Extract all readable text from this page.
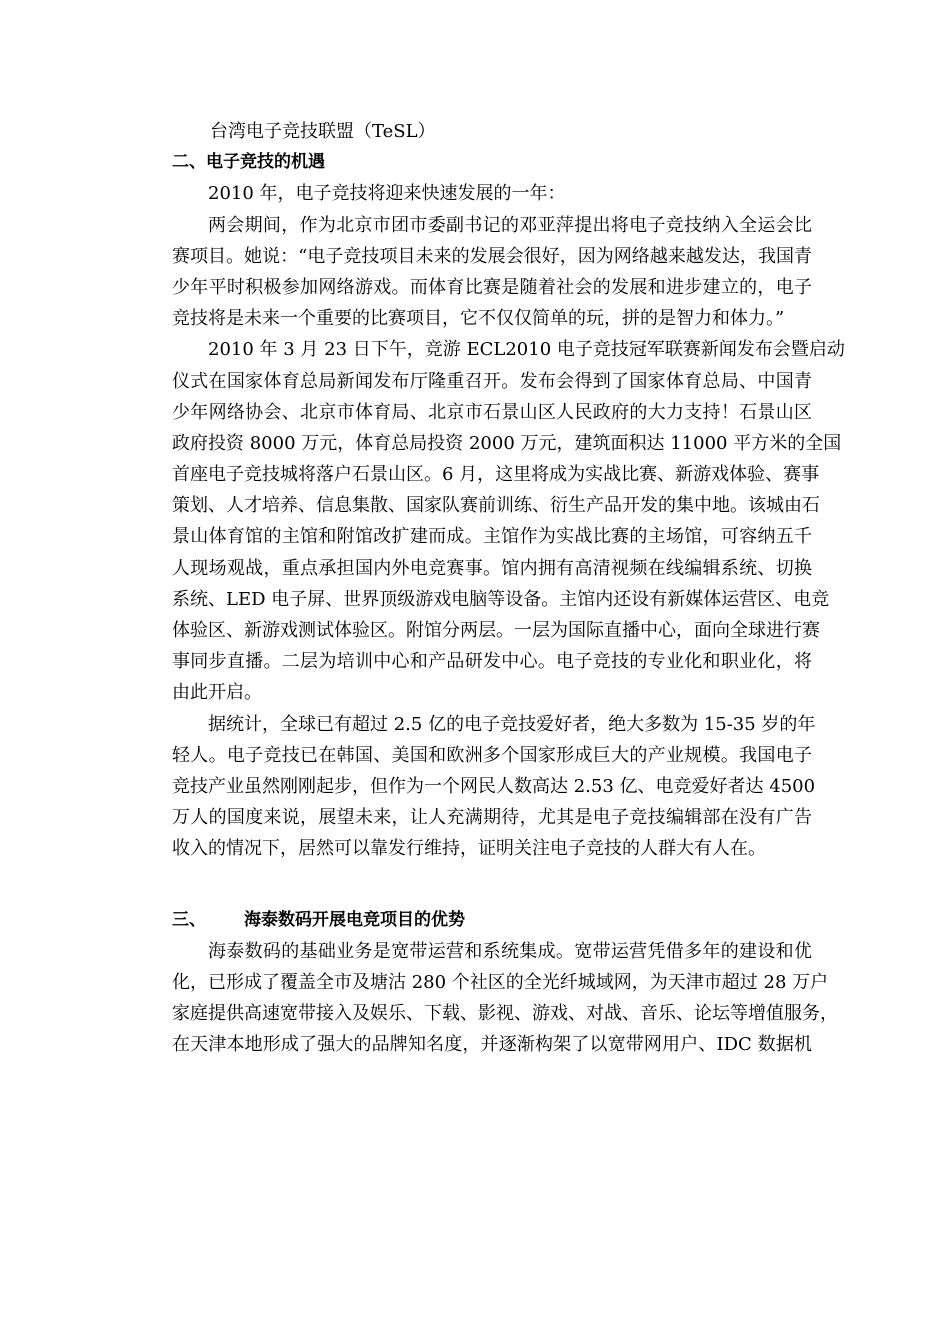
台湾电子竞技联盟（TeSL）
二、电子竞技的机遇
2010 年，电子竞技将迎来快速发展的一年：
两会期间，作为北京市团市委副书记的邓亚萍提出将电子竞技纳入全运会比
赛项目。她说：“电子竞技项目未来的发展会很好，因为网络越来越发达，我国青
少年平时积极参加网络游戏。而体育比赛是随着社会的发展和进步建立的，电子
竞技将是未来一个重要的比赛项目，它不仅仅简单的玩，拼的是智力和体力。”
2010 年 3 月 23 日下午，竞游 ECL2010 电子竞技冠军联赛新闻发布会暨启动
仪式在国家体育总局新闻发布厅隆重召开。发布会得到了国家体育总局、中国青
少年网络协会、北京市体育局、北京市石景山区人民政府的大力支持！石景山区
政府投资 8000 万元，体育总局投资 2000 万元，建筑面积达 11000 平方米的全国
首座电子竞技城将落户石景山区。6 月，这里将成为实战比赛、新游戏体验、赛事
策划、人才培养、信息集散、国家队赛前训练、衍生产品开发的集中地。该城由石
景山体育馆的主馆和附馆改扩建而成。主馆作为实战比赛的主场馆，可容纳五千
人现场观战，重点承担国内外电竞赛事。馆内拥有高清视频在线编辑系统、切换
系统、LED 电子屏、世界顶级游戏电脑等设备。主馆内还设有新媒体运营区、电竞
体验区、新游戏测试体验区。附馆分两层。一层为国际直播中心，面向全球进行赛
事同步直播。二层为培训中心和产品研发中心。电子竞技的专业化和职业化，将
由此开启。
据统计，全球已有超过 2.5 亿的电子竞技爱好者，绝大多数为 15-35 岁的年
轻人。电子竞技已在韩国、美国和欧洲多个国家形成巨大的产业规模。我国电子
竞技产业虽然刚刚起步，但作为一个网民人数高达 2.53 亿、电竞爱好者达 4500
万人的国度来说，展望未来，让人充满期待，尤其是电子竞技编辑部在没有广告
收入的情况下，居然可以靠发行维持，证明关注电子竞技的人群大有人在。
三、 海泰数码开展电竞项目的优势
海泰数码的基础业务是宽带运营和系统集成。宽带运营凭借多年的建设和优
化，已形成了覆盖全市及塘沽 280 个社区的全光纤城域网，为天津市超过 28 万户
家庭提供高速宽带接入及娱乐、下载、影视、游戏、对战、音乐、论坛等增值服务，
在天津本地形成了强大的品牌知名度，并逐渐构架了以宽带网用户、IDC 数据机
